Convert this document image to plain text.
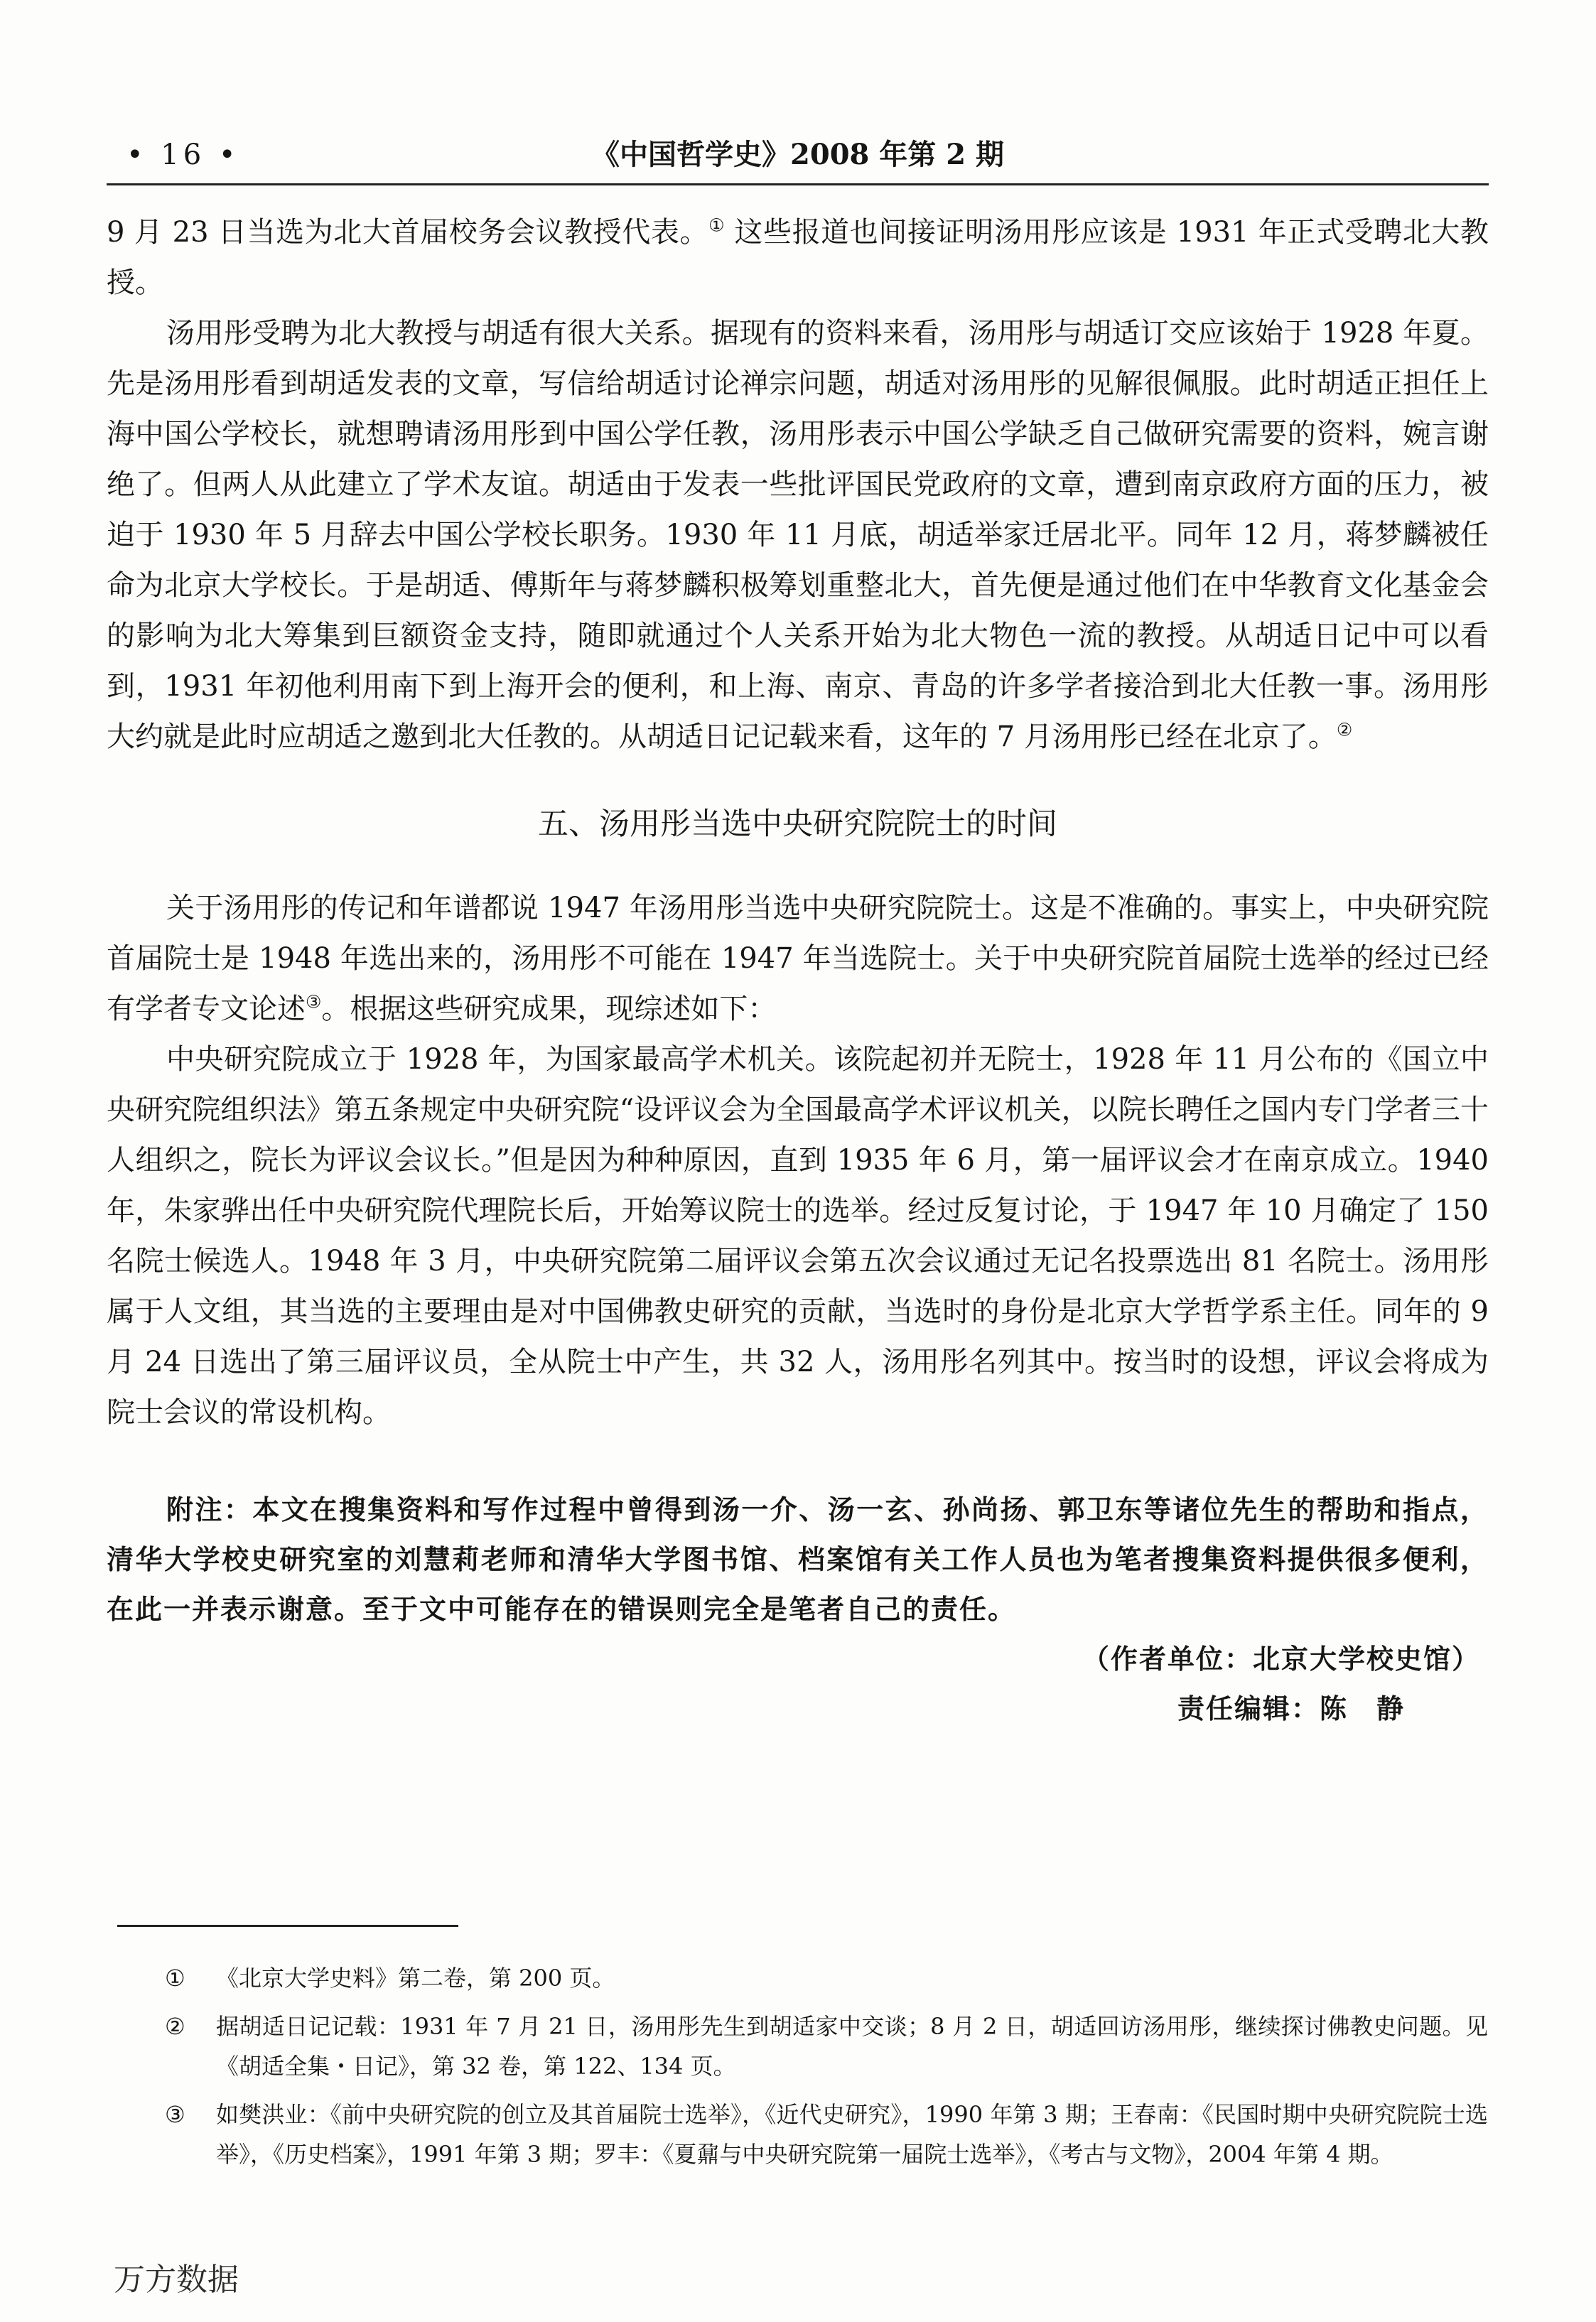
• 16 •	《中国哲学史》2008 年第 2 期

9 月 23 日当选为北大首届校务会议教授代表。① 这些报道也间接证明汤用彤应该是 1931 年正式受聘北大教授。

汤用彤受聘为北大教授与胡适有很大关系。据现有的资料来看，汤用彤与胡适订交应该始于 1928 年夏。先是汤用彤看到胡适发表的文章，写信给胡适讨论禅宗问题，胡适对汤用彤的见解很佩服。此时胡适正担任上海中国公学校长，就想聘请汤用彤到中国公学任教，汤用彤表示中国公学缺乏自己做研究需要的资料，婉言谢绝了。但两人从此建立了学术友谊。胡适由于发表一些批评国民党政府的文章，遭到南京政府方面的压力，被迫于 1930 年 5 月辞去中国公学校长职务。1930 年 11 月底，胡适举家迁居北平。同年 12 月，蒋梦麟被任命为北京大学校长。于是胡适、傅斯年与蒋梦麟积极筹划重整北大，首先便是通过他们在中华教育文化基金会的影响为北大筹集到巨额资金支持，随即就通过个人关系开始为北大物色一流的教授。从胡适日记中可以看到，1931 年初他利用南下到上海开会的便利，和上海、南京、青岛的许多学者接洽到北大任教一事。汤用彤大约就是此时应胡适之邀到北大任教的。从胡适日记记载来看，这年的 7 月汤用彤已经在北京了。②

五、汤用彤当选中央研究院院士的时间

关于汤用彤的传记和年谱都说 1947 年汤用彤当选中央研究院院士。这是不准确的。事实上，中央研究院首届院士是 1948 年选出来的，汤用彤不可能在 1947 年当选院士。关于中央研究院首届院士选举的经过已经有学者专文论述③。根据这些研究成果，现综述如下：

中央研究院成立于 1928 年，为国家最高学术机关。该院起初并无院士，1928 年 11 月公布的《国立中央研究院组织法》第五条规定中央研究院“设评议会为全国最高学术评议机关，以院长聘任之国内专门学者三十人组织之，院长为评议会议长。”但是因为种种原因，直到 1935 年 6 月，第一届评议会才在南京成立。1940 年，朱家骅出任中央研究院代理院长后，开始筹议院士的选举。经过反复讨论，于 1947 年 10 月确定了 150 名院士候选人。1948 年 3 月，中央研究院第二届评议会第五次会议通过无记名投票选出 81 名院士。汤用彤属于人文组，其当选的主要理由是对中国佛教史研究的贡献，当选时的身份是北京大学哲学系主任。同年的 9 月 24 日选出了第三届评议员，全从院士中产生，共 32 人，汤用彤名列其中。按当时的设想，评议会将成为院士会议的常设机构。

附注：本文在搜集资料和写作过程中曾得到汤一介、汤一玄、孙尚扬、郭卫东等诸位先生的帮助和指点，清华大学校史研究室的刘慧莉老师和清华大学图书馆、档案馆有关工作人员也为笔者搜集资料提供很多便利，在此一并表示谢意。至于文中可能存在的错误则完全是笔者自己的责任。

（作者单位：北京大学校史馆）

责任编辑：陈　静

① 《北京大学史料》第二卷，第 200 页。
② 据胡适日记记载：1931 年 7 月 21 日，汤用彤先生到胡适家中交谈；8 月 2 日，胡适回访汤用彤，继续探讨佛教史问题。见《胡适全集・日记》，第 32 卷，第 122、134 页。
③ 如樊洪业：《前中央研究院的创立及其首届院士选举》，《近代史研究》，1990 年第 3 期；王春南：《民国时期中央研究院院士选举》，《历史档案》，1991 年第 3 期；罗丰：《夏鼐与中央研究院第一届院士选举》，《考古与文物》，2004 年第 4 期。
万方数据
